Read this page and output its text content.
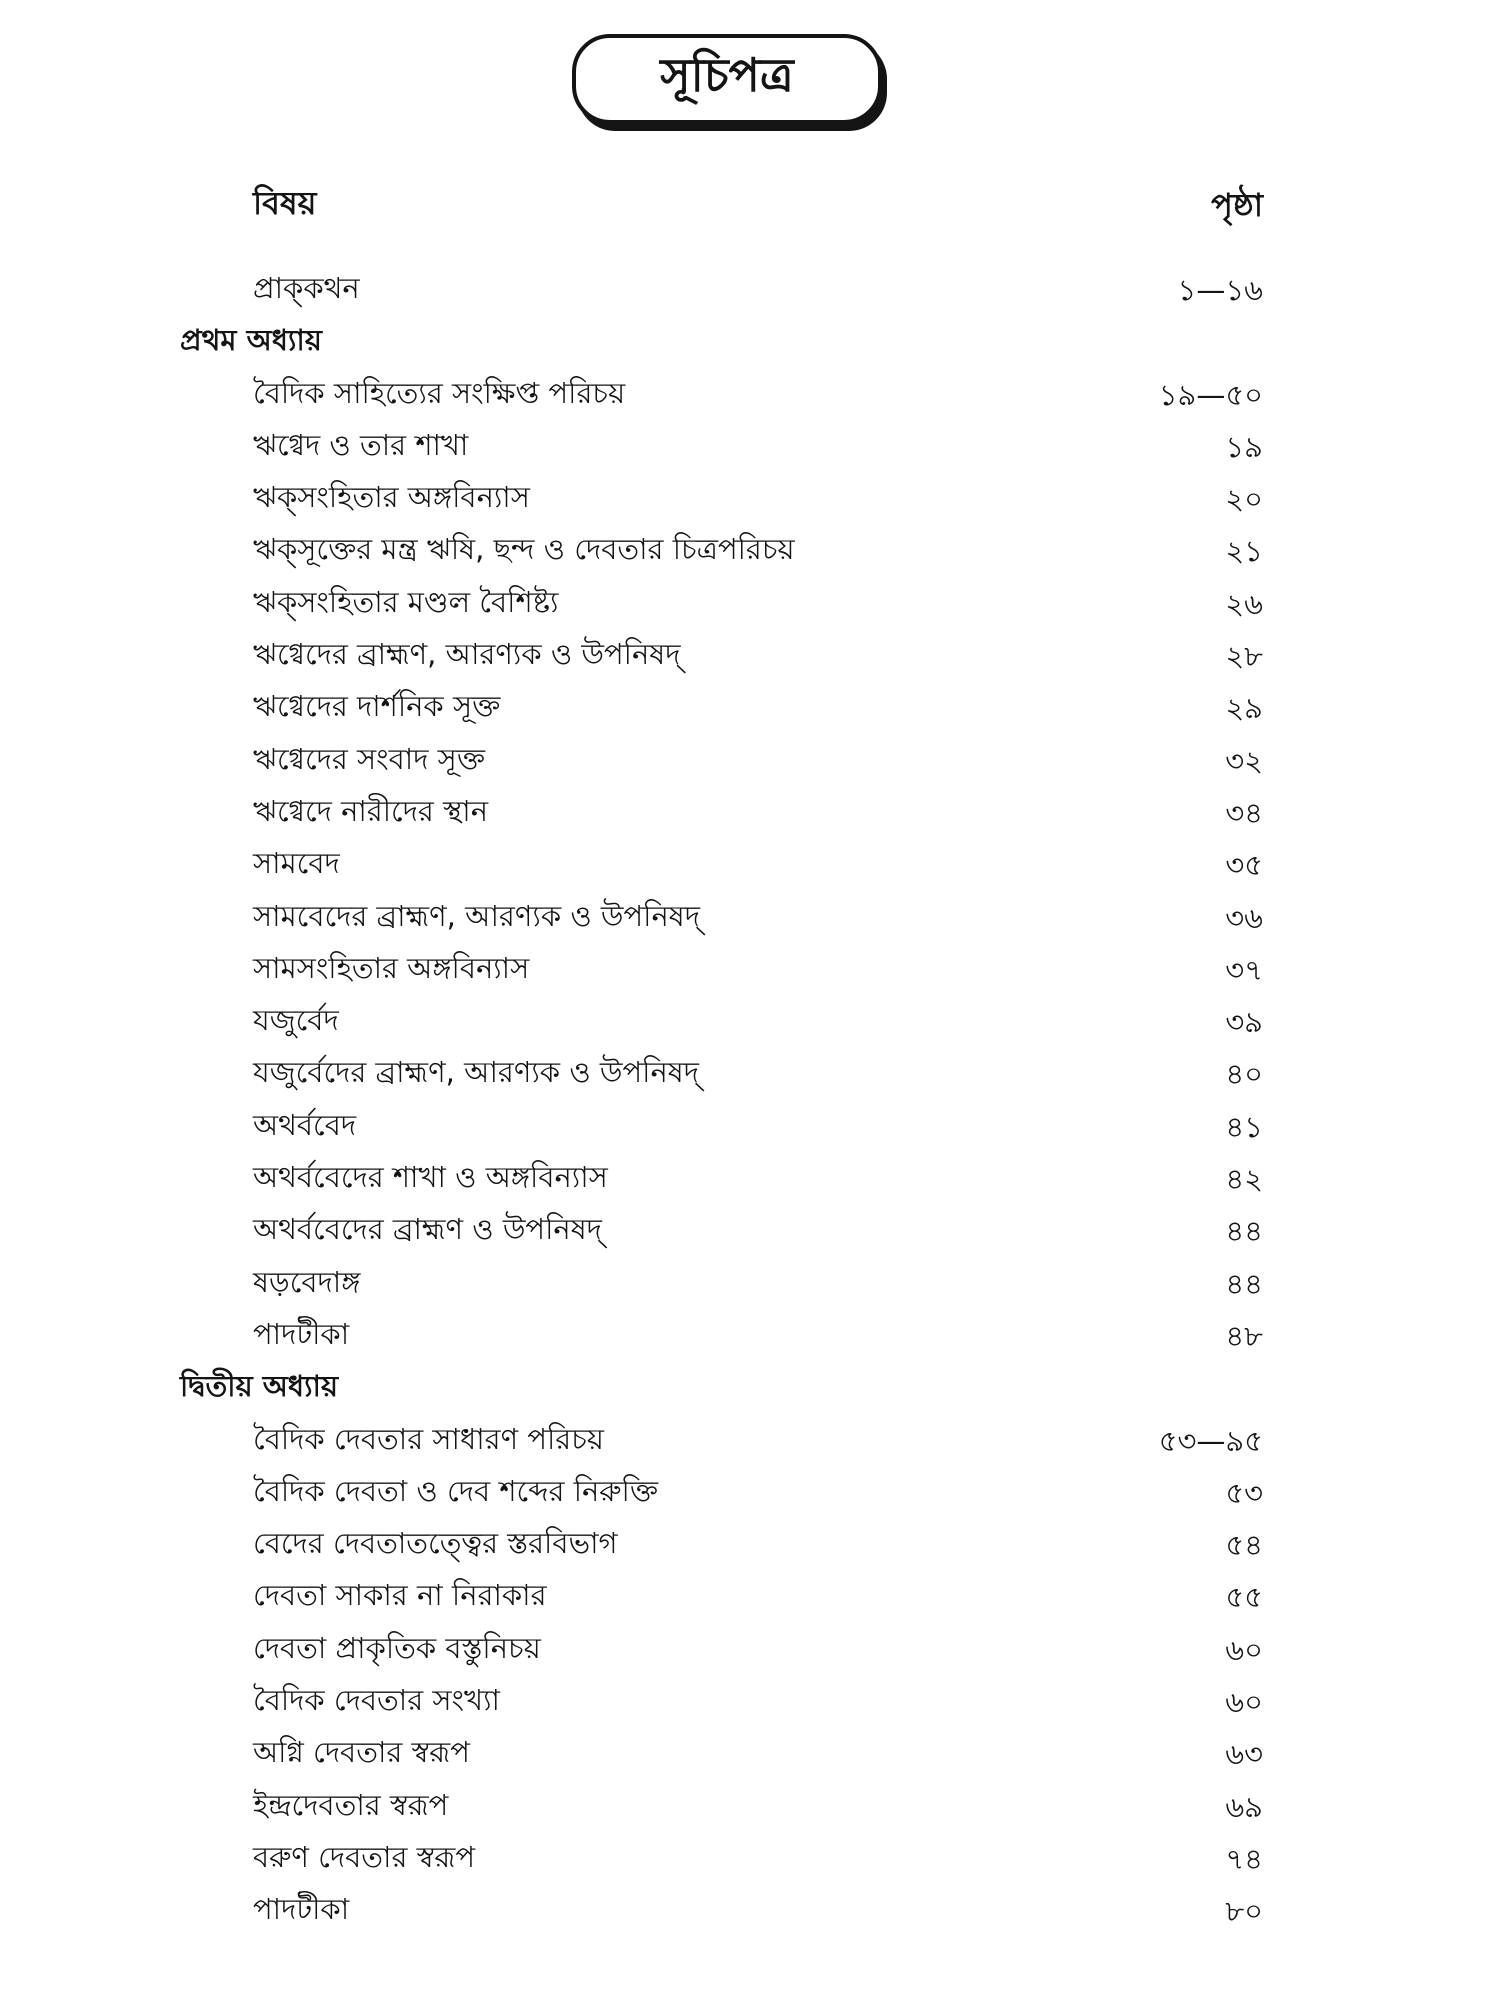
সূচিপত্র
বিষয়	পৃষ্ঠা
প্রাক্‌কথন	১—১৬
প্রথম অধ্যায়
বৈদিক সাহিত্যের সংক্ষিপ্ত পরিচয়	১৯—৫০
ঋগ্বেদ ও তার শাখা	১৯
ঋক্‌সংহিতার অঙ্গবিন্যাস	২০
ঋক্‌সূক্তের মন্ত্র ঋষি, ছন্দ ও দেবতার চিত্রপরিচয়	২১
ঋক্‌সংহিতার মণ্ডল বৈশিষ্ট্য	২৬
ঋগ্বেদের ব্রাহ্মণ, আরণ্যক ও উপনিষদ্‌	২৮
ঋগ্বেদের দার্শনিক সূক্ত	২৯
ঋগ্বেদের সংবাদ সূক্ত	৩২
ঋগ্বেদে নারীদের স্থান	৩৪
সামবেদ	৩৫
সামবেদের ব্রাহ্মণ, আরণ্যক ও উপনিষদ্‌	৩৬
সামসংহিতার অঙ্গবিন্যাস	৩৭
যজুর্বেদ	৩৯
যজুর্বেদের ব্রাহ্মণ, আরণ্যক ও উপনিষদ্‌	৪০
অথর্ববেদ	৪১
অথর্ববেদের শাখা ও অঙ্গবিন্যাস	৪২
অথর্ববেদের ব্রাহ্মণ ও উপনিষদ্‌	৪৪
ষড়বেদাঙ্গ	৪৪
পাদটীকা	৪৮
দ্বিতীয় অধ্যায়
বৈদিক দেবতার সাধারণ পরিচয়	৫৩—৯৫
বৈদিক দেবতা ও দেব শব্দের নিরুক্তি	৫৩
বেদের দেবতাতত্ত্বের স্তরবিভাগ	৫৪
দেবতা সাকার না নিরাকার	৫৫
দেবতা প্রাকৃতিক বস্তুনিচয়	৬০
বৈদিক দেবতার সংখ্যা	৬০
অগ্নি দেবতার স্বরূপ	৬৩
ইন্দ্রদেবতার স্বরূপ	৬৯
বরুণ দেবতার স্বরূপ	৭৪
পাদটীকা	৮০
